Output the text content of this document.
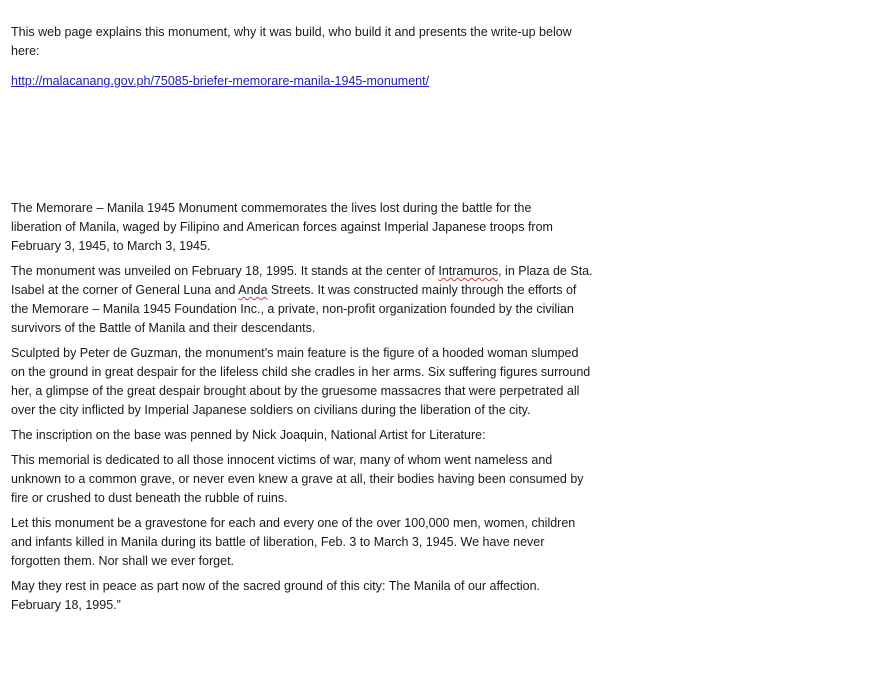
This web page explains this monument, why it was build, who build it and presents the write-up below
here:

http://malacanang.gov.ph/75085-briefer-memorare-manila-1945-monument/

The Memorare – Manila 1945 Monument commemorates the lives lost during the battle for the
liberation of Manila, waged by Filipino and American forces against Imperial Japanese troops from
February 3, 1945, to March 3, 1945.

The monument was unveiled on February 18, 1995. It stands at the center of Intramuros, in Plaza de Sta.
Isabel at the corner of General Luna and Anda Streets. It was constructed mainly through the efforts of
the Memorare – Manila 1945 Foundation Inc., a private, non-profit organization founded by the civilian
survivors of the Battle of Manila and their descendants.

Sculpted by Peter de Guzman, the monument’s main feature is the figure of a hooded woman slumped
on the ground in great despair for the lifeless child she cradles in her arms. Six suffering figures surround
her, a glimpse of the great despair brought about by the gruesome massacres that were perpetrated all
over the city inflicted by Imperial Japanese soldiers on civilians during the liberation of the city.

The inscription on the base was penned by Nick Joaquin, National Artist for Literature:

This memorial is dedicated to all those innocent victims of war, many of whom went nameless and
unknown to a common grave, or never even knew a grave at all, their bodies having been consumed by
fire or crushed to dust beneath the rubble of ruins.

Let this monument be a gravestone for each and every one of the over 100,000 men, women, children
and infants killed in Manila during its battle of liberation, Feb. 3 to March 3, 1945. We have never
forgotten them. Nor shall we ever forget.

May they rest in peace as part now of the sacred ground of this city: The Manila of our affection.
February 18, 1995.”
